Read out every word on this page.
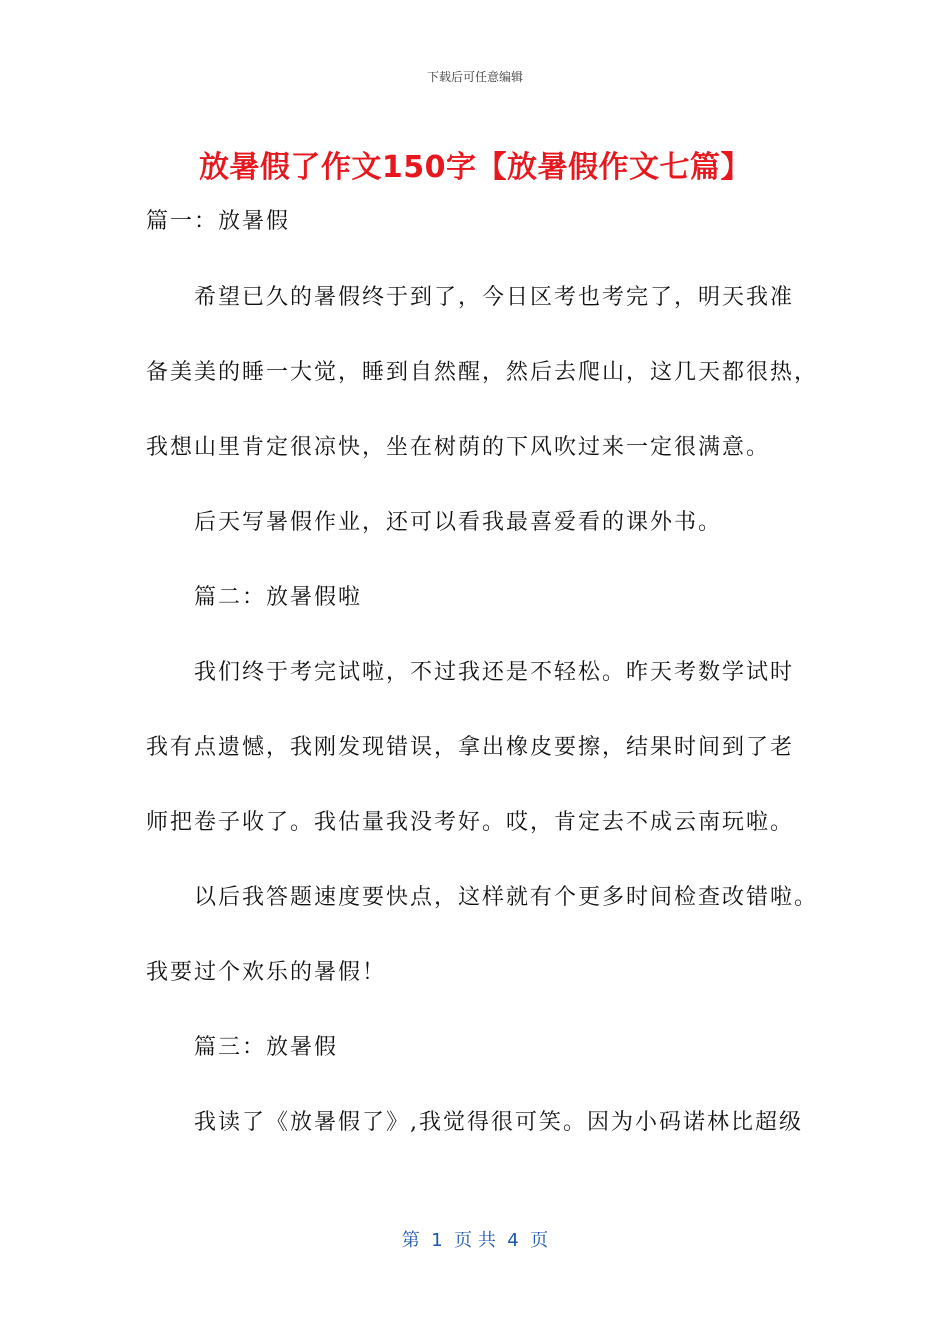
下载后可任意编辑
放暑假了作文150字【放暑假作文七篇】
篇一：放暑假
希望已久的暑假终于到了，今日区考也考完了，明天我准
备美美的睡一大觉，睡到自然醒，然后去爬山，这几天都很热，
我想山里肯定很凉快，坐在树荫的下风吹过来一定很满意。
后天写暑假作业，还可以看我最喜爱看的课外书。
篇二：放暑假啦
我们终于考完试啦，不过我还是不轻松。昨天考数学试时
我有点遗憾，我刚发现错误，拿出橡皮要擦，结果时间到了老
师把卷子收了。我估量我没考好。哎，肯定去不成云南玩啦。
以后我答题速度要快点，这样就有个更多时间检查改错啦。
我要过个欢乐的暑假！
篇三：放暑假
我读了《放暑假了》,我觉得很可笑。因为小码诺林比超级
第  1  页 共  4  页
